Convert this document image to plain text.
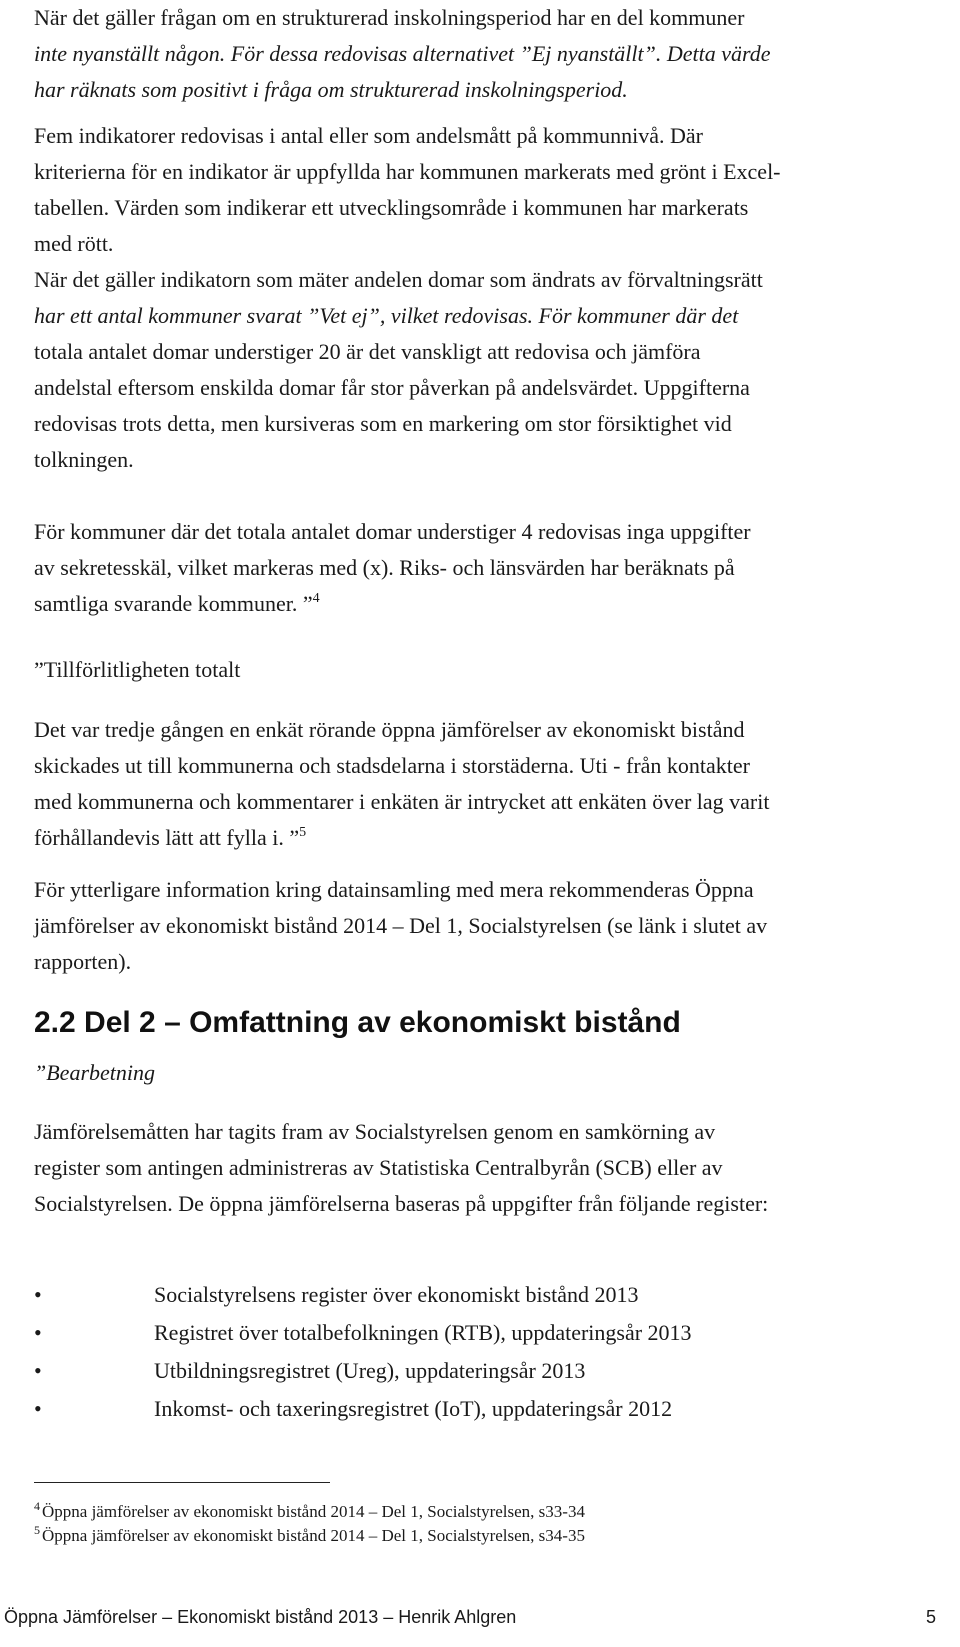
När det gäller frågan om en strukturerad inskolningsperiod har en del kommuner
inte nyanställt någon. För dessa redovisas alternativet ”Ej nyanställt”. Detta värde
har räknats som positivt i fråga om strukturerad inskolningsperiod.

Fem indikatorer redovisas i antal eller som andelsmått på kommunnivå. Där
kriterierna för en indikator är uppfyllda har kommunen markerats med grönt i Excel-
tabellen. Värden som indikerar ett utvecklingsområde i kommunen har markerats
med rött.

När det gäller indikatorn som mäter andelen domar som ändrats av förvaltningsrätt
har ett antal kommuner svarat ”Vet ej”, vilket redovisas. För kommuner där det
totala antalet domar understiger 20 är det vanskligt att redovisa och jämföra
andelstal eftersom enskilda domar får stor påverkan på andelsvärdet. Uppgifterna
redovisas trots detta, men kursiveras som en markering om stor försiktighet vid
tolkningen.

För kommuner där det totala antalet domar understiger 4 redovisas inga uppgifter
av sekretesskäl, vilket markeras med (x). Riks- och länsvärden har beräknats på
samtliga svarande kommuner. ”$^4$

”Tillförlitligheten totalt

Det var tredje gången en enkät rörande öppna jämförelser av ekonomiskt bistånd
skickades ut till kommunerna och stadsdelarna i storstäderna. Uti - från kontakter
med kommunerna och kommentarer i enkäten är intrycket att enkäten över lag varit
förhållandevis lätt att fylla i. ”$^5$

För ytterligare information kring datainsamling med mera rekommenderas Öppna
jämförelser av ekonomiskt bistånd 2014 – Del 1, Socialstyrelsen (se länk i slutet av
rapporten).

2.2 Del 2 – Omfattning av ekonomiskt bistånd

”Bearbetning

Jämförelsemåtten har tagits fram av Socialstyrelsen genom en samkörning av
register som antingen administreras av Statistiska Centralbyrån (SCB) eller av
Socialstyrelsen. De öppna jämförelserna baseras på uppgifter från följande register:

•	Socialstyrelsens register över ekonomiskt bistånd 2013
•	Registret över totalbefolkningen (RTB), uppdateringsår 2013
•	Utbildningsregistret (Ureg), uppdateringsår 2013
•	Inkomst- och taxeringsregistret (IoT), uppdateringsår 2012

$^4$ Öppna jämförelser av ekonomiskt bistånd 2014 – Del 1, Socialstyrelsen, s33-34

$^5$ Öppna jämförelser av ekonomiskt bistånd 2014 – Del 1, Socialstyrelsen, s34-35

Öppna Jämförelser – Ekonomiskt bistånd 2013 – Henrik Ahlgren	5
